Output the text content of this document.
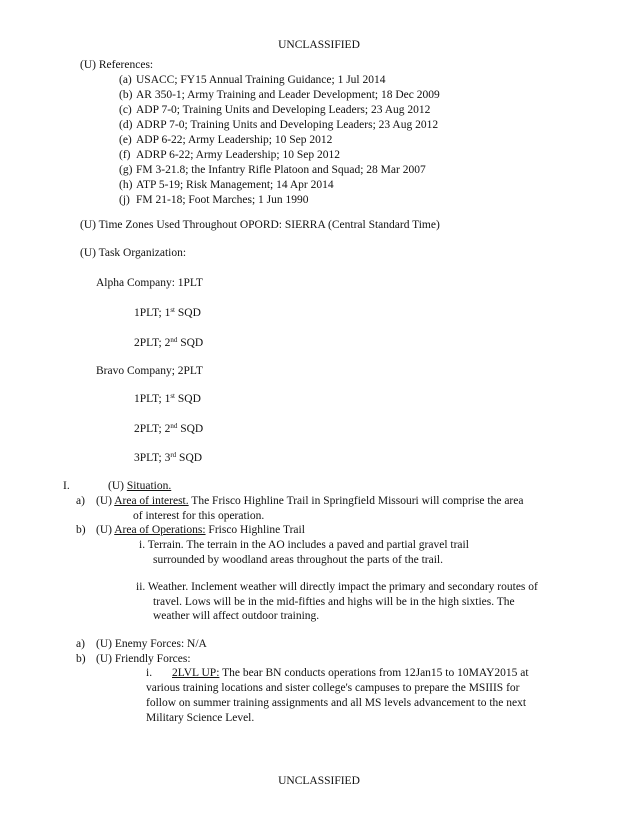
UNCLASSIFIED
(U) References:
(a) USACC; FY15 Annual Training Guidance; 1 Jul 2014
(b) AR 350-1; Army Training and Leader Development; 18 Dec 2009
(c) ADP 7-0; Training Units and Developing Leaders; 23 Aug 2012
(d) ADRP 7-0; Training Units and Developing Leaders; 23 Aug 2012
(e) ADP 6-22; Army Leadership; 10 Sep 2012
(f) ADRP 6-22; Army Leadership; 10 Sep 2012
(g) FM 3-21.8; the Infantry Rifle Platoon and Squad; 28 Mar 2007
(h) ATP 5-19; Risk Management; 14 Apr 2014
(j) FM 21-18; Foot Marches; 1 Jun 1990
(U) Time Zones Used Throughout OPORD: SIERRA (Central Standard Time)
(U) Task Organization:
Alpha Company: 1PLT
1PLT; 1st SQD
2PLT; 2nd SQD
Bravo Company; 2PLT
1PLT; 1st SQD
2PLT; 2nd SQD
3PLT; 3rd SQD
I.	(U) Situation.
a) (U) Area of interest. The Frisco Highline Trail in Springfield Missouri will comprise the area
of interest for this operation.
b) (U) Area of Operations: Frisco Highline Trail
i. Terrain. The terrain in the AO includes a paved and partial gravel trail
surrounded by woodland areas throughout the parts of the trail.
ii. Weather. Inclement weather will directly impact the primary and secondary routes of
travel. Lows will be in the mid-fifties and highs will be in the high sixties. The
weather will affect outdoor training.
a) (U) Enemy Forces: N/A
b) (U) Friendly Forces:
i. 2LVL UP: The bear BN conducts operations from 12Jan15 to 10MAY2015 at
various training locations and sister college's campuses to prepare the MSIIIS for
follow on summer training assignments and all MS levels advancement to the next
Military Science Level.
UNCLASSIFIED
